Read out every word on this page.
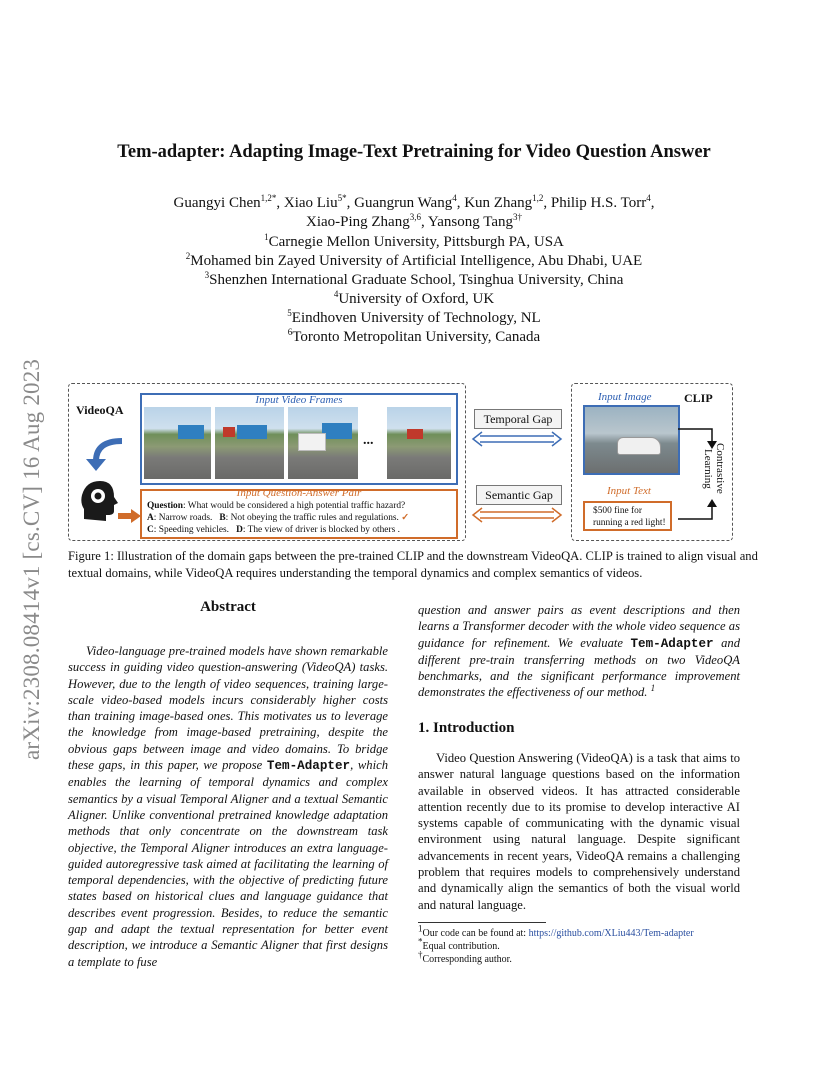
arXiv:2308.08414v1 [cs.CV] 16 Aug 2023
Tem-adapter: Adapting Image-Text Pretraining for Video Question Answer
Guangyi Chen$^{1,2*}$, Xiao Liu$^{5*}$, Guangrun Wang$^4$, Kun Zhang$^{1,2}$, Philip H.S. Torr$^4$,
Xiao-Ping Zhang$^{3,6}$, Yansong Tang$^{3\dagger}$
$^1$Carnegie Mellon University, Pittsburgh PA, USA
$^2$Mohamed bin Zayed University of Artificial Intelligence, Abu Dhabi, UAE
$^3$Shenzhen International Graduate School, Tsinghua University, China
$^4$University of Oxford, UK
$^5$Eindhoven University of Technology, NL
$^6$Toronto Metropolitan University, Canada
VideoQA
Input Video Frames
...
Input Question-Answer Pair
Question: What would be considered a high potential traffic hazard?
A: Narrow roads. B: Not obeying the traffic rules and regulations. ✓
C: Speeding vehicles. D: The view of driver is blocked by others .
Temporal Gap
Semantic Gap
Input Image	CLIP
Contrastive
Learning
Input Text
$500 fine for
running a red light!
Figure 1: Illustration of the domain gaps between the pre-trained CLIP and the downstream VideoQA. CLIP is trained to align visual and textual domains, while VideoQA requires understanding the temporal dynamics and complex semantics of videos.
Abstract
Video-language pre-trained models have shown remarkable success in guiding video question-answering (VideoQA) tasks. However, due to the length of video sequences, training large-scale video-based models incurs considerably higher costs than training image-based ones. This motivates us to leverage the knowledge from image-based pretraining, despite the obvious gaps between image and video domains. To bridge these gaps, in this paper, we propose Tem-Adapter, which enables the learning of temporal dynamics and complex semantics by a visual Temporal Aligner and a textual Semantic Aligner. Unlike conventional pretrained knowledge adaptation methods that only concentrate on the downstream task objective, the Temporal Aligner introduces an extra language-guided autoregressive task aimed at facilitating the learning of temporal dependencies, with the objective of predicting future states based on historical clues and language guidance that describes event progression. Besides, to reduce the semantic gap and adapt the textual representation for better event description, we introduce a Semantic Aligner that first designs a template to fuse
question and answer pairs as event descriptions and then learns a Transformer decoder with the whole video sequence as guidance for refinement. We evaluate Tem-Adapter and different pre-train transferring methods on two VideoQA benchmarks, and the significant performance improvement demonstrates the effectiveness of our method. $^1$
1. Introduction
Video Question Answering (VideoQA) is a task that aims to answer natural language questions based on the information available in observed videos. It has attracted considerable attention recently due to its promise to develop interactive AI systems capable of communicating with the dynamic visual environment using natural language. Despite significant advancements in recent years, VideoQA remains a challenging problem that requires models to comprehensively understand and dynamically align the semantics of both the visual world and natural language.
$^1$Our code can be found at: https://github.com/XLiu443/Tem-adapter
*Equal contribution.
†Corresponding author.
